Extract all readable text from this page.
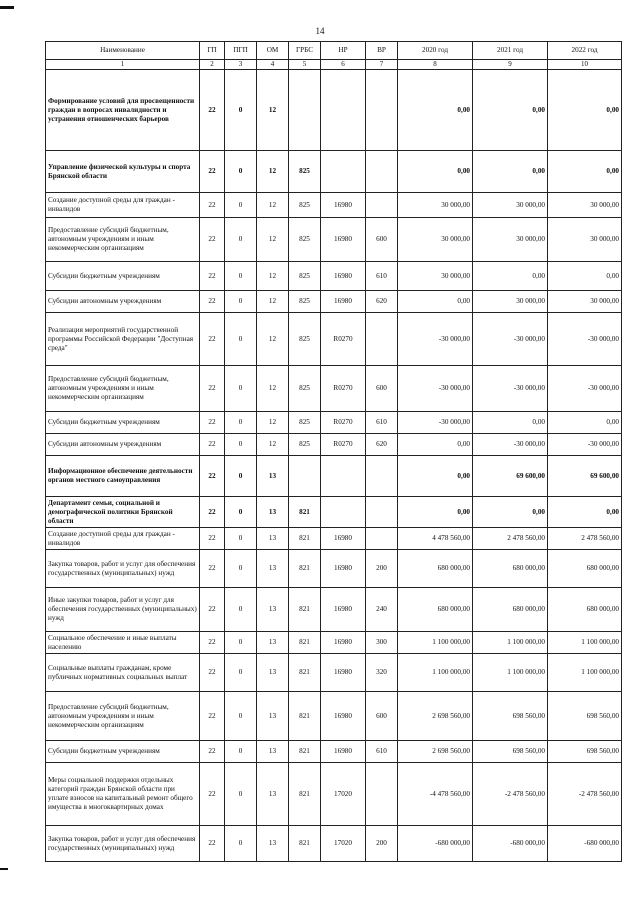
14
Наименование	ГП	ПГП	ОМ	ГРБС	НР	ВР	2020 год	2021 год	2022 год
1	2	3	4	5	6	7	8	9	10
Формирование условий для просвещенности граждан в вопросах инвалидности и устранения отношенческих барьеров	22	0	12				0,00	0,00	0,00
Управление физической культуры и спорта Брянской области	22	0	12	825			0,00	0,00	0,00
Создание доступной среды для граждан - инвалидов	22	0	12	825	16980		30 000,00	30 000,00	30 000,00
Предоставление субсидий бюджетным, автономным учреждениям и иным некоммерческим организациям	22	0	12	825	16980	600	30 000,00	30 000,00	30 000,00
Субсидии бюджетным учреждениям	22	0	12	825	16980	610	30 000,00	0,00	0,00
Субсидии автономным учреждениям	22	0	12	825	16980	620	0,00	30 000,00	30 000,00
Реализация мероприятий государственной программы Российской Федерации "Доступная среда"	22	0	12	825	R0270		-30 000,00	-30 000,00	-30 000,00
Предоставление субсидий бюджетным, автономным учреждениям и иным некоммерческим организациям	22	0	12	825	R0270	600	-30 000,00	-30 000,00	-30 000,00
Субсидии бюджетным учреждениям	22	0	12	825	R0270	610	-30 000,00	0,00	0,00
Субсидии автономным учреждениям	22	0	12	825	R0270	620	0,00	-30 000,00	-30 000,00
Информационное обеспечение деятельности органов местного самоуправления	22	0	13				0,00	69 600,00	69 600,00
Департамент семьи, социальной и демографической политики Брянской области	22	0	13	821			0,00	0,00	0,00
Создание доступной среды для граждан - инвалидов	22	0	13	821	16980		4 478 560,00	2 478 560,00	2 478 560,00
Закупка товаров, работ и услуг для обеспечения государственных (муниципальных) нужд	22	0	13	821	16980	200	680 000,00	680 000,00	680 000,00
Иные закупки товаров, работ и услуг для обеспечения государственных (муниципальных) нужд	22	0	13	821	16980	240	680 000,00	680 000,00	680 000,00
Социальное обеспечение и иные выплаты населению	22	0	13	821	16980	300	1 100 000,00	1 100 000,00	1 100 000,00
Социальные выплаты гражданам, кроме публичных нормативных социальных выплат	22	0	13	821	16980	320	1 100 000,00	1 100 000,00	1 100 000,00
Предоставление субсидий бюджетным, автономным учреждениям и иным некоммерческим организациям	22	0	13	821	16980	600	2 698 560,00	698 560,00	698 560,00
Субсидии бюджетным учреждениям	22	0	13	821	16980	610	2 698 560,00	698 560,00	698 560,00
Меры социальной поддержки отдельных категорий граждан Брянской области при уплате взносов на капитальный ремонт общего имущества в многоквартирных домах	22	0	13	821	17020		-4 478 560,00	-2 478 560,00	-2 478 560,00
Закупка товаров, работ и услуг для обеспечения государственных (муниципальных) нужд	22	0	13	821	17020	200	-680 000,00	-680 000,00	-680 000,00
